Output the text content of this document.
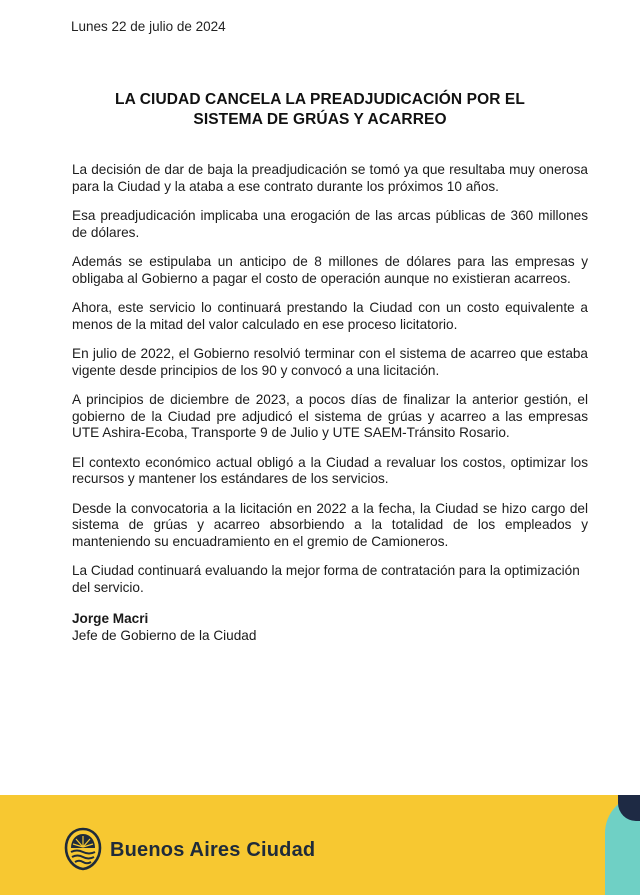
Lunes 22 de julio de 2024
LA CIUDAD CANCELA LA PREADJUDICACIÓN POR EL
SISTEMA DE GRÚAS Y ACARREO

La decisión de dar de baja la preadjudicación se tomó ya que resultaba muy onerosa para la Ciudad y la ataba a ese contrato durante los próximos 10 años.

Esa preadjudicación implicaba una erogación de las arcas públicas de 360 millones de dólares.

Además se estipulaba un anticipo de 8 millones de dólares para las empresas y obligaba al Gobierno a pagar el costo de operación aunque no existieran acarreos.

Ahora, este servicio lo continuará prestando la Ciudad con un costo equivalente a menos de la mitad del valor calculado en ese proceso licitatorio.

En julio de 2022, el Gobierno resolvió terminar con el sistema de acarreo que estaba vigente desde principios de los 90 y convocó a una licitación.

A principios de diciembre de 2023, a pocos días de finalizar la anterior gestión, el gobierno de la Ciudad pre adjudicó el sistema de grúas y acarreo a las empresas UTE Ashira-Ecoba, Transporte 9 de Julio y UTE SAEM-Tránsito Rosario.

El contexto económico actual obligó a la Ciudad a revaluar los costos, optimizar los recursos y mantener los estándares de los servicios.

Desde la convocatoria a la licitación en 2022 a la fecha, la Ciudad se hizo cargo del sistema de grúas y acarreo absorbiendo a la totalidad de los empleados y manteniendo su encuadramiento en el gremio de Camioneros.

La Ciudad continuará evaluando la mejor forma de contratación para la optimización del servicio.

Jorge Macri
Jefe de Gobierno de la Ciudad
Buenos Aires Ciudad
